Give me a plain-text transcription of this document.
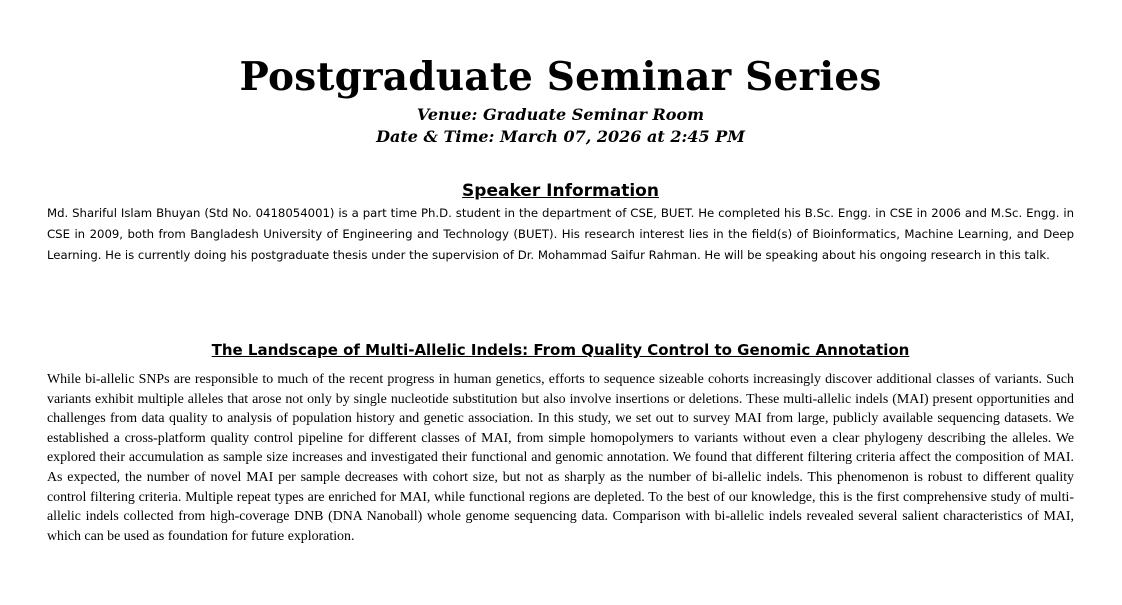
Postgraduate Seminar Series

Venue: Graduate Seminar Room

Date & Time: March 07, 2026 at 2:45 PM

Speaker Information

Md. Shariful Islam Bhuyan (Std No. 0418054001) is a part time Ph.D. student in the department of CSE, BUET. He completed his B.Sc. Engg. in CSE in 2006 and M.Sc. Engg. in CSE in 2009, both from Bangladesh University of Engineering and Technology (BUET). His research interest lies in the field(s) of Bioinformatics, Machine Learning, and Deep Learning. He is currently doing his postgraduate thesis under the supervision of Dr. Mohammad Saifur Rahman. He will be speaking about his ongoing research in this talk.

The Landscape of Multi-Allelic Indels: From Quality Control to Genomic Annotation

While bi-allelic SNPs are responsible to much of the recent progress in human genetics, efforts to sequence sizeable cohorts increasingly discover additional classes of variants. Such variants exhibit multiple alleles that arose not only by single nucleotide substitution but also involve insertions or deletions. These multi-allelic indels (MAI) present opportunities and challenges from data quality to analysis of population history and genetic association. In this study, we set out to survey MAI from large, publicly available sequencing datasets. We established a cross-platform quality control pipeline for different classes of MAI, from simple homopolymers to variants without even a clear phylogeny describing the alleles. We explored their accumulation as sample size increases and investigated their functional and genomic annotation. We found that different filtering criteria affect the composition of MAI. As expected, the number of novel MAI per sample decreases with cohort size, but not as sharply as the number of bi-allelic indels. This phenomenon is robust to different quality control filtering criteria. Multiple repeat types are enriched for MAI, while functional regions are depleted. To the best of our knowledge, this is the first comprehensive study of multi-allelic indels collected from high-coverage DNB (DNA Nanoball) whole genome sequencing data. Comparison with bi-allelic indels revealed several salient characteristics of MAI, which can be used as foundation for future exploration.
